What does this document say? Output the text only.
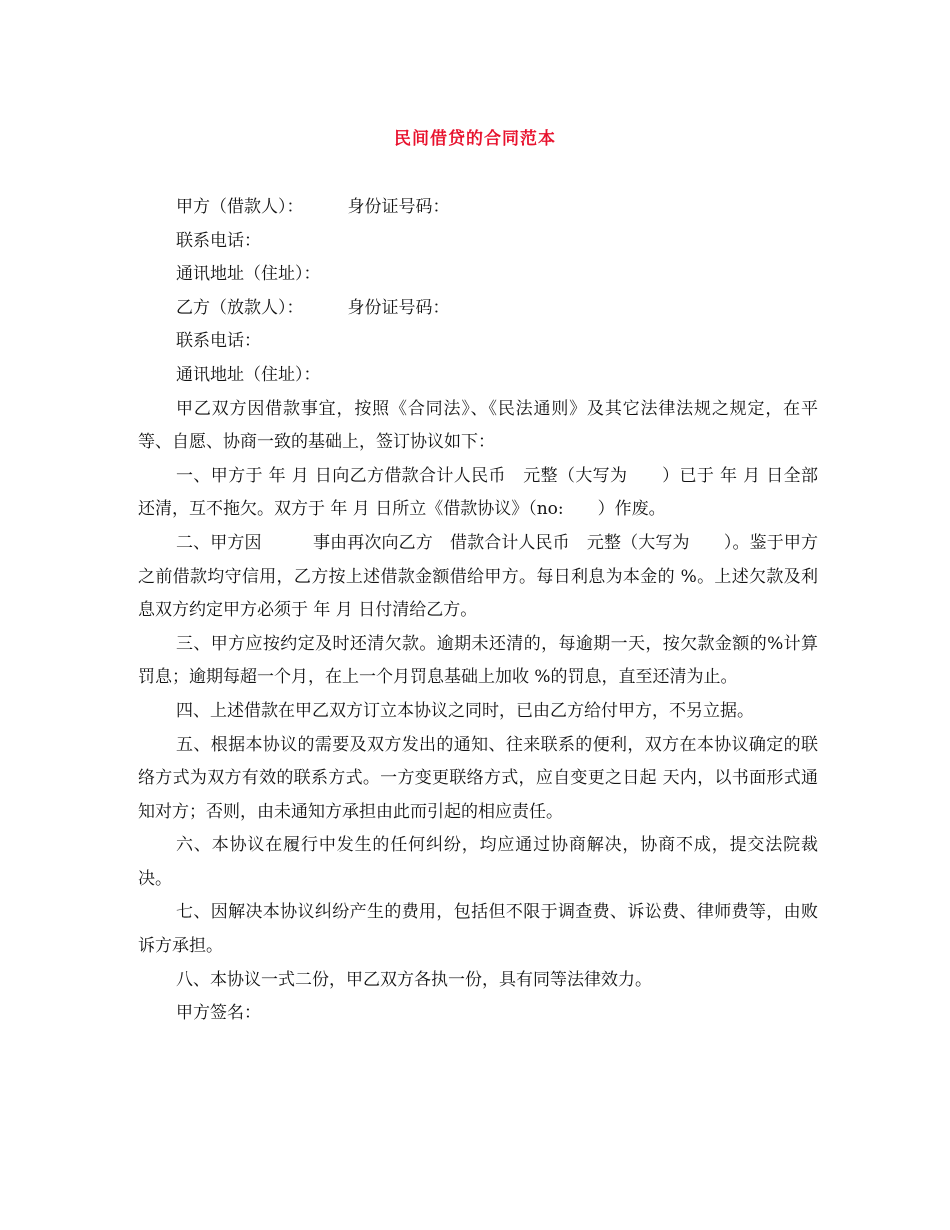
民间借贷的合同范本
甲方（借款人）：	身份证号码：
联系电话：
通讯地址（住址）：
乙方（放款人）：	身份证号码：
联系电话：
通讯地址（住址）：

甲乙双方因借款事宜，按照《合同法》、《民法通则》及其它法律法规之规定，在平等、自愿、协商一致的基础上，签订协议如下：

一、甲方于 年 月 日向乙方借款合计人民币　元整（大写为　　）已于 年 月 日全部还清，互不拖欠。双方于 年 月 日所立《借款协议》（no:　　）作废。

二、甲方因　　　事由再次向乙方　借款合计人民币　元整（大写为　　）。鉴于甲方之前借款均守信用，乙方按上述借款金额借给甲方。每日利息为本金的 %。上述欠款及利息双方约定甲方必须于 年 月 日付清给乙方。

三、甲方应按约定及时还清欠款。逾期未还清的，每逾期一天，按欠款金额的%计算罚息；逾期每超一个月，在上一个月罚息基础上加收 %的罚息，直至还清为止。

四、上述借款在甲乙双方订立本协议之同时，已由乙方给付甲方，不另立据。

五、根据本协议的需要及双方发出的通知、往来联系的便利，双方在本协议确定的联络方式为双方有效的联系方式。一方变更联络方式，应自变更之日起 天内，以书面形式通知对方；否则，由未通知方承担由此而引起的相应责任。

六、本协议在履行中发生的任何纠纷，均应通过协商解决，协商不成，提交法院裁决。

七、因解决本协议纠纷产生的费用，包括但不限于调查费、诉讼费、律师费等，由败诉方承担。

八、本协议一式二份，甲乙双方各执一份，具有同等法律效力。

甲方签名：
